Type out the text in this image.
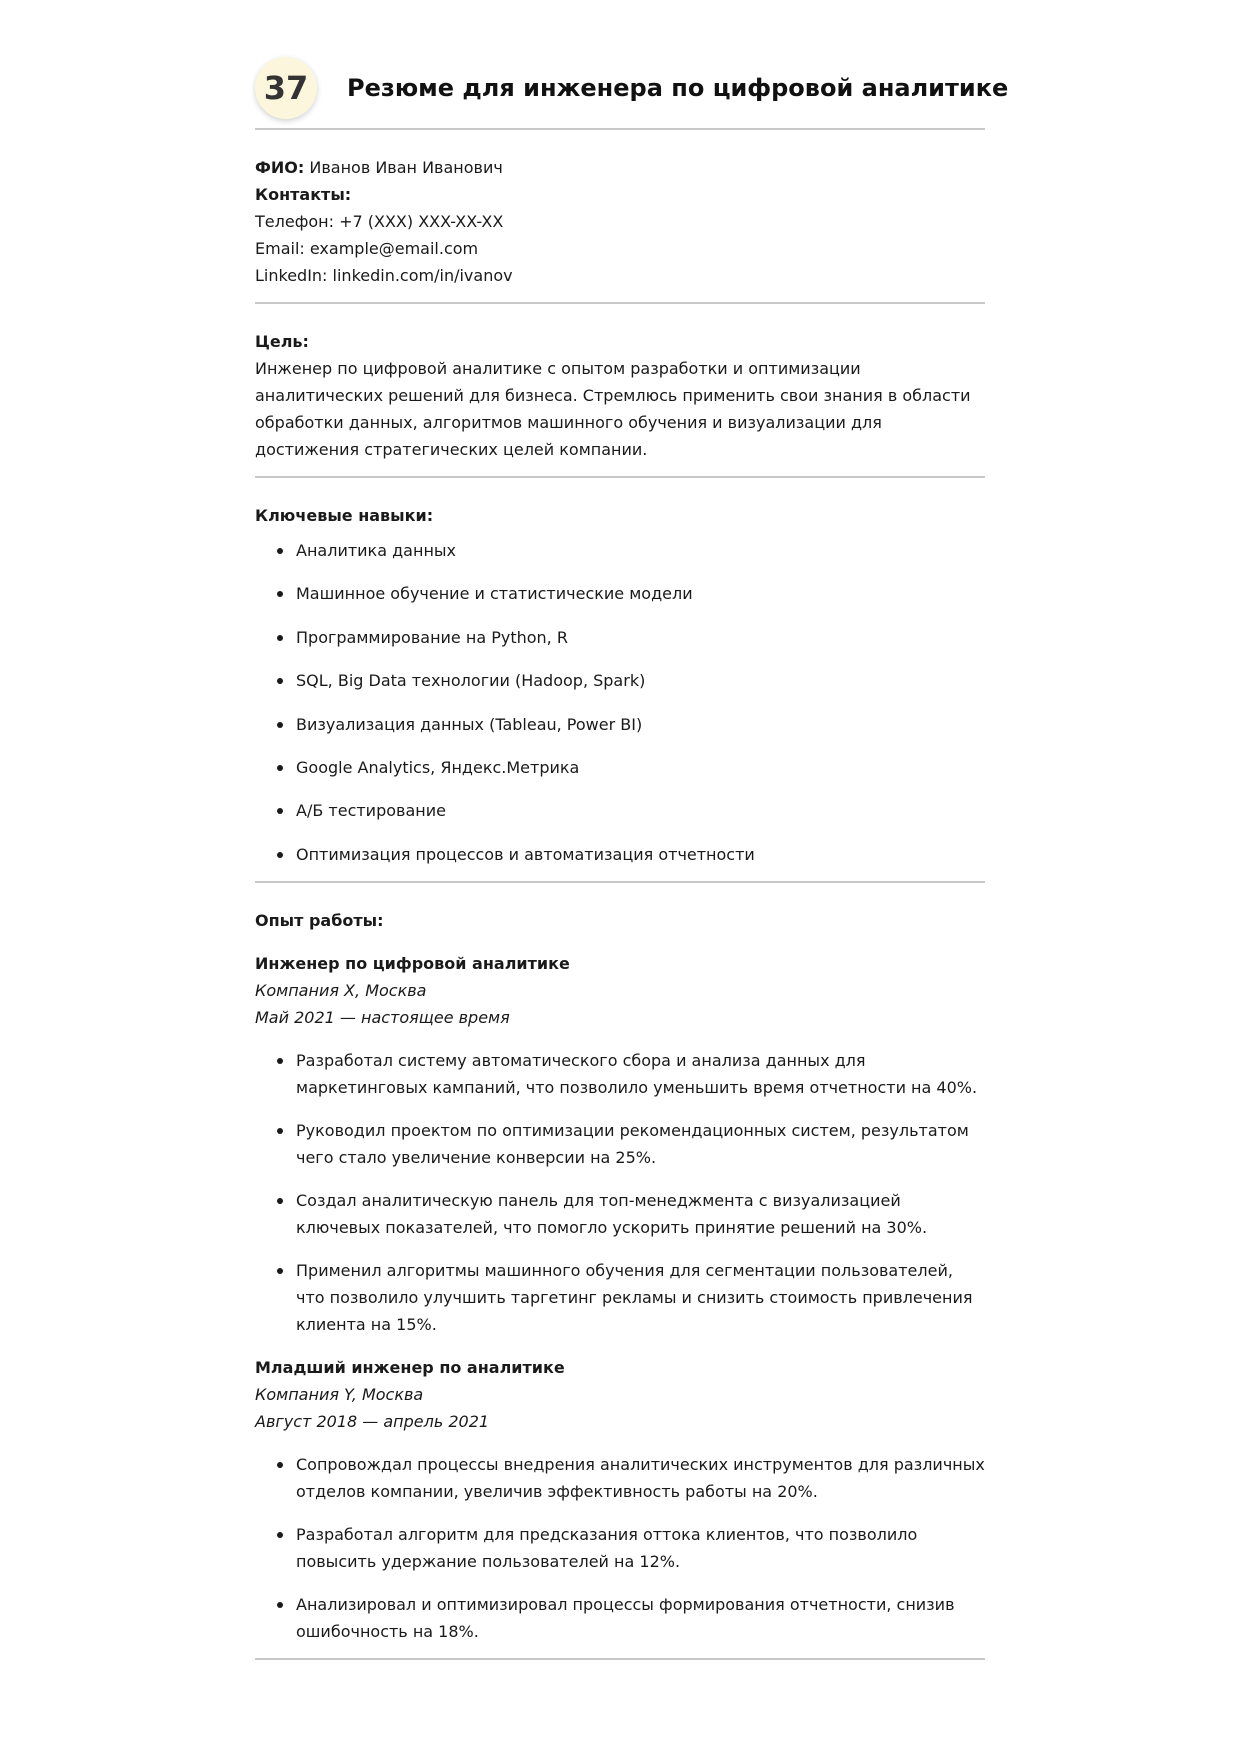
37	Резюме для инженера по цифровой аналитике
ФИО: Иванов Иван Иванович
Контакты:
Телефон: +7 (XXX) XXX-XX-XX
Email: example@email.com
LinkedIn: linkedin.com/in/ivanov
Цель:
Инженер по цифровой аналитике с опытом разработки и оптимизации аналитических решений для бизнеса. Стремлюсь применить свои знания в области обработки данных, алгоритмов машинного обучения и визуализации для достижения стратегических целей компании.
Ключевые навыки:
Аналитика данных
Машинное обучение и статистические модели
Программирование на Python, R
SQL, Big Data технологии (Hadoop, Spark)
Визуализация данных (Tableau, Power BI)
Google Analytics, Яндекс.Метрика
А/Б тестирование
Оптимизация процессов и автоматизация отчетности
Опыт работы:
Инженер по цифровой аналитике
Компания X, Москва
Май 2021 — настоящее время
Разработал систему автоматического сбора и анализа данных для маркетинговых кампаний, что позволило уменьшить время отчетности на 40%.
Руководил проектом по оптимизации рекомендационных систем, результатом чего стало увеличение конверсии на 25%.
Создал аналитическую панель для топ-менеджмента с визуализацией ключевых показателей, что помогло ускорить принятие решений на 30%.
Применил алгоритмы машинного обучения для сегментации пользователей, что позволило улучшить таргетинг рекламы и снизить стоимость привлечения клиента на 15%.
Младший инженер по аналитике
Компания Y, Москва
Август 2018 — апрель 2021
Сопровождал процессы внедрения аналитических инструментов для различных отделов компании, увеличив эффективность работы на 20%.
Разработал алгоритм для предсказания оттока клиентов, что позволило повысить удержание пользователей на 12%.
Анализировал и оптимизировал процессы формирования отчетности, снизив ошибочность на 18%.
